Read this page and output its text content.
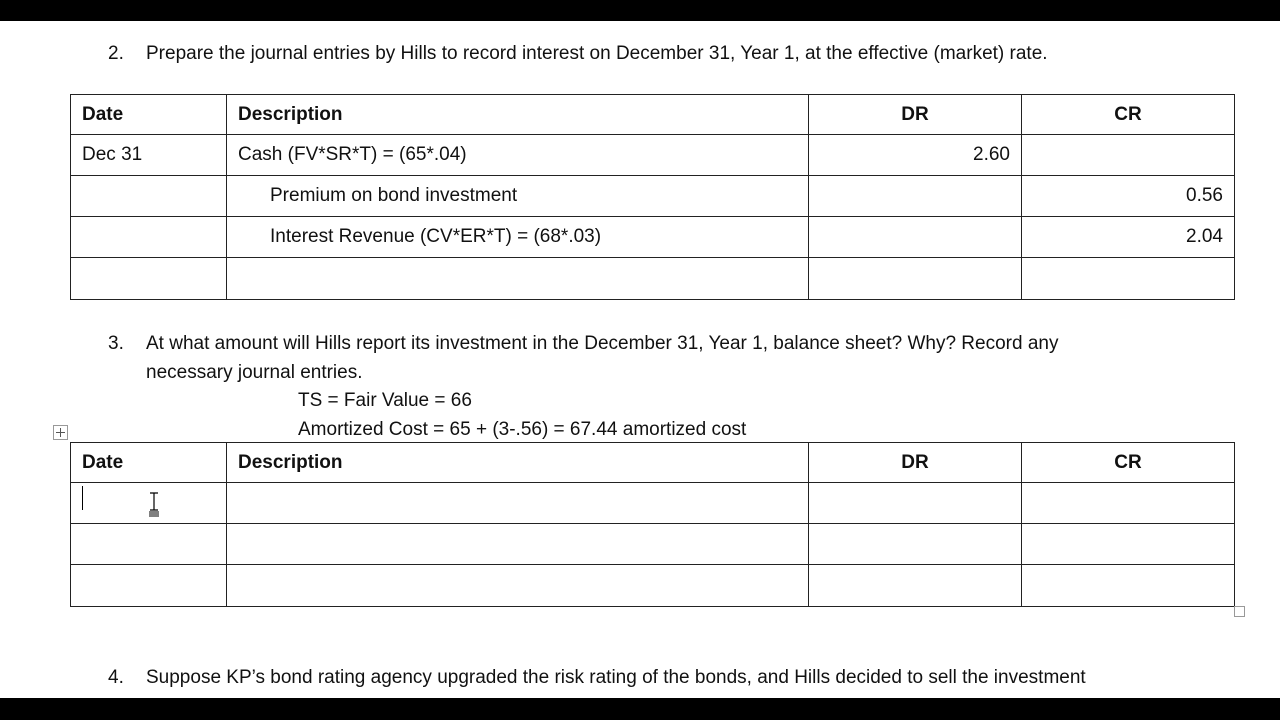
2. Prepare the journal entries by Hills to record interest on December 31, Year 1, at the effective (market) rate.
Date	Description	DR	CR
Dec 31	Cash (FV*SR*T) = (65*.04)	2.60	
	Premium on bond investment		0.56
	Interest Revenue (CV*ER*T) = (68*.03)		2.04

3. At what amount will Hills report its investment in the December 31, Year 1, balance sheet? Why? Record any
necessary journal entries.
TS = Fair Value = 66
Amortized Cost = 65 + (3-.56) = 67.44 amortized cost
Date	Description	DR	CR

4. Suppose KP’s bond rating agency upgraded the risk rating of the bonds, and Hills decided to sell the investment
